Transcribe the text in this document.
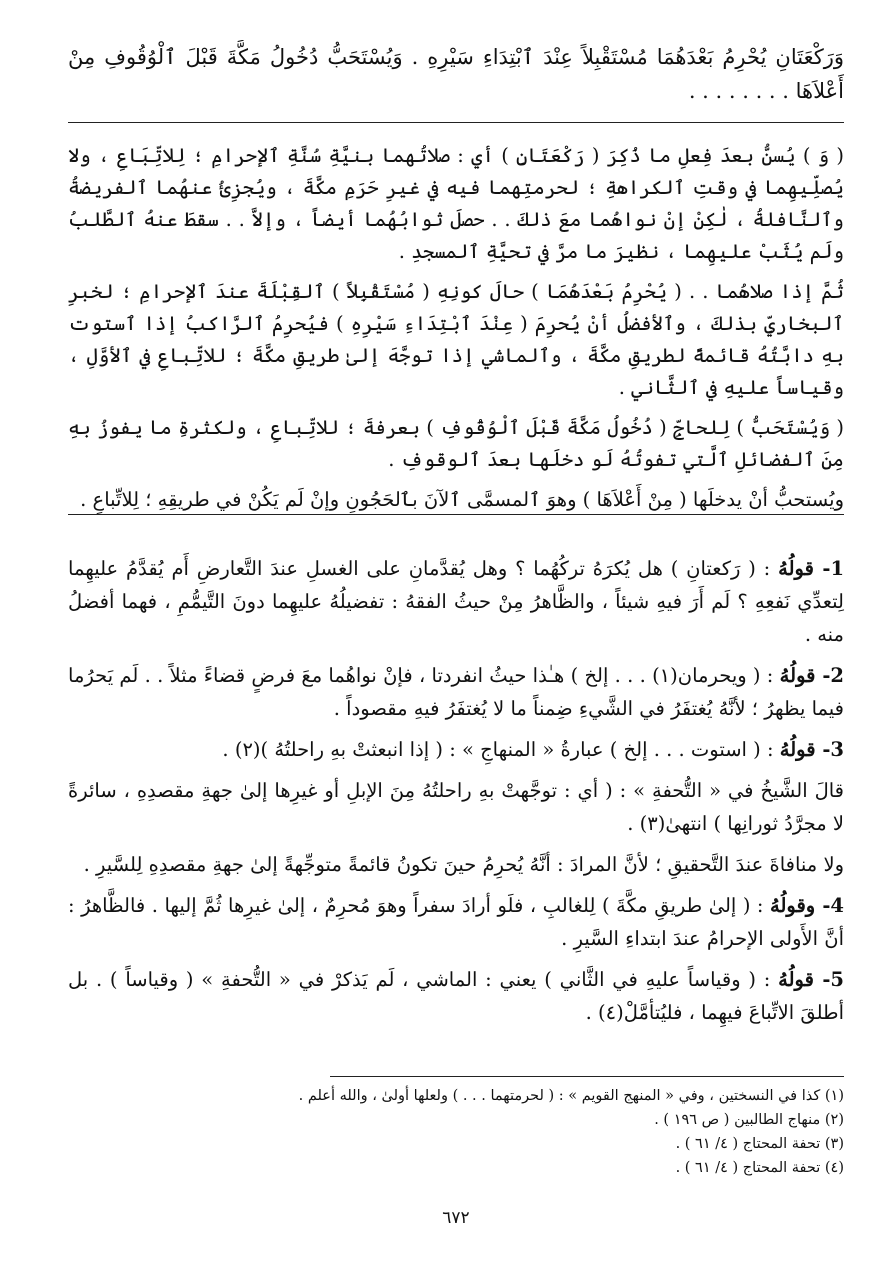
وَرَكْعَتَانِ يُحْرِمُ بَعْدَهُمَا مُسْتَقْبِلاً عِنْدَ ٱبْتِدَاءِ سَيْرِهِ . وَيُسْتَحَبُّ دُخُولُ مَكَّةَ قَبْلَ ٱلْوُقُوفِ مِنْ أَعْلاَهَا . . . . . . . .

( وَ ) يُسنُّ بعدَ فِعلِ ما ذُكِرَ ( رَكْعَتَانِ ) أي : صلاتُهما بنيَّةِ سُنَّةِ ٱلإحرامِ ؛ لِلاتِّبَاعِ ، ولا يُصلِّيهِما في وقتِ ٱلكراهةِ ؛ لحرمتِهما فيه في غيرِ حَرَمِ مكَّةَ ، ويُجزِئُ عنهُما ٱلفريضةُ وٱلنَّافلةُ ، لٰكِنْ إنْ نواهُما معَ ذلكَ . . حصلَ ثوابُهُما أيضاً ، وإلاَّ . . سقطَ عنهُ ٱلطَّلبُ ولَم يُثَبْ عليهِما ، نظيرَ ما مرَّ في تحيَّةِ ٱلمسجدِ .

ثُمَّ إذا صلاهُما . . ( يُحْرِمُ بَعْدَهُمَا ) حالَ كونِهِ ( مُسْتَقْبِلاً ) ٱلقِبْلَةَ عندَ ٱلإحرامِ ؛ لخبرِ ٱلبخاريِّ بذلكَ ، وٱلأفضلُ أنْ يُحرِمَ ( عِنْدَ ٱبْتِدَاءِ سَيْرِهِ ) فيُحرِمُ ٱلرَّاكبُ إذا ٱستوت بهِ دابَّتُهُ قائمةً لطريقِ مكَّةَ ، وٱلماشي إذا توجَّهَ إلىٰ طريقِ مكَّةَ ؛ للاتِّباعِ في ٱلأوَّلِ ، وقياساً عليهِ في ٱلثَّاني .

( وَيُسْتَحَبُّ ) لِلحاجِّ ( دُخُولُ مَكَّةَ قَبْلَ ٱلْوُقُوفِ ) بعرفةَ ؛ للاتِّباعِ ، ولكثرةِ ما يفوزُ بهِ مِنَ ٱلفضائلِ ٱلَّتي تفوتُهُ لَو دخلَها بعدَ ٱلوقوفِ .

ويُستحبُّ أنْ يدخلَها ( مِنْ أَعْلاَهَا ) وهوَ ٱلمسمَّى ٱلآنَ بٱلحَجُونِ وإنْ لَم يَكُنْ في طريقِهِ ؛ لِلاتِّباعِ .

1- قولُهُ : ( رَكعتانِ ) هل يُكرَهُ تركُهُما ؟ وهل يُقدَّمانِ على الغسلِ عندَ التَّعارضِ أَم يُقدَّمُ عليهِما لِتعدِّي نَفعِهِ ؟ لَم أَرَ فيهِ شيئاً ، والظَّاهرُ مِنْ حيثُ الفقهُ : تفضيلُهُ عليهِما دونَ التَّيمُّمِ ، فهما أفضلُ منه .

2- قولُهُ : ( ويحرمان(١) . . . إلخ ) هـٰذا حيثُ انفردتا ، فإنْ نواهُما معَ فرضٍ قضاءً مثلاً . . لَم يَحرُما فيما يظهرُ ؛ لأنَّهُ يُغتفَرُ في الشَّيءِ ضِمناً ما لا يُغتفَرُ فيهِ مقصوداً .

3- قولُهُ : ( استوت . . . إلخ ) عبارةُ « المنهاجِ » : ( إذا انبعثتْ بهِ راحلتُهُ )(٢) .

قالَ الشَّيخُ في « التُّحفةِ » : ( أي : توجَّهتْ بهِ راحلتُهُ مِنَ الإبلِ أو غيرِها إلىٰ جهةِ مقصدِهِ ، سائرةً لا مجرَّدُ ثورانِها ) انتهىٰ(٣) .

ولا منافاةَ عندَ التَّحقيقِ ؛ لأنَّ المرادَ : أنَّهُ يُحرِمُ حينَ تكونُ قائمةً متوجِّهةً إلىٰ جهةِ مقصدِهِ لِلسَّيرِ .

4- وقولُهُ : ( إلىٰ طريقِ مكَّةَ ) لِلغالبِ ، فلَو أرادَ سفراً وهوَ مُحرِمٌ ، إلىٰ غيرِها ثُمَّ إليها . فالظَّاهرُ : أنَّ الأَولى الإحرامُ عندَ ابتداءِ السَّيرِ .

5- قولُهُ : ( وقياساً عليهِ في الثَّاني ) يعني : الماشي ، لَم يَذكرْ في « التُّحفةِ » ( وقياساً ) . بل أطلقَ الاتِّباعَ فيهِما ، فليُتأمَّلْ(٤) .

(١) كذا في النسختين ، وفي « المنهج القويم » : ( لحرمتهما . . . ) ولعلها أولىٰ ، والله أعلم .
(٢) منهاج الطالبين ( ص ١٩٦ ) .
(٣) تحفة المحتاج ( ٤/ ٦١ ) .
(٤) تحفة المحتاج ( ٤/ ٦١ ) .
٦٧٢
